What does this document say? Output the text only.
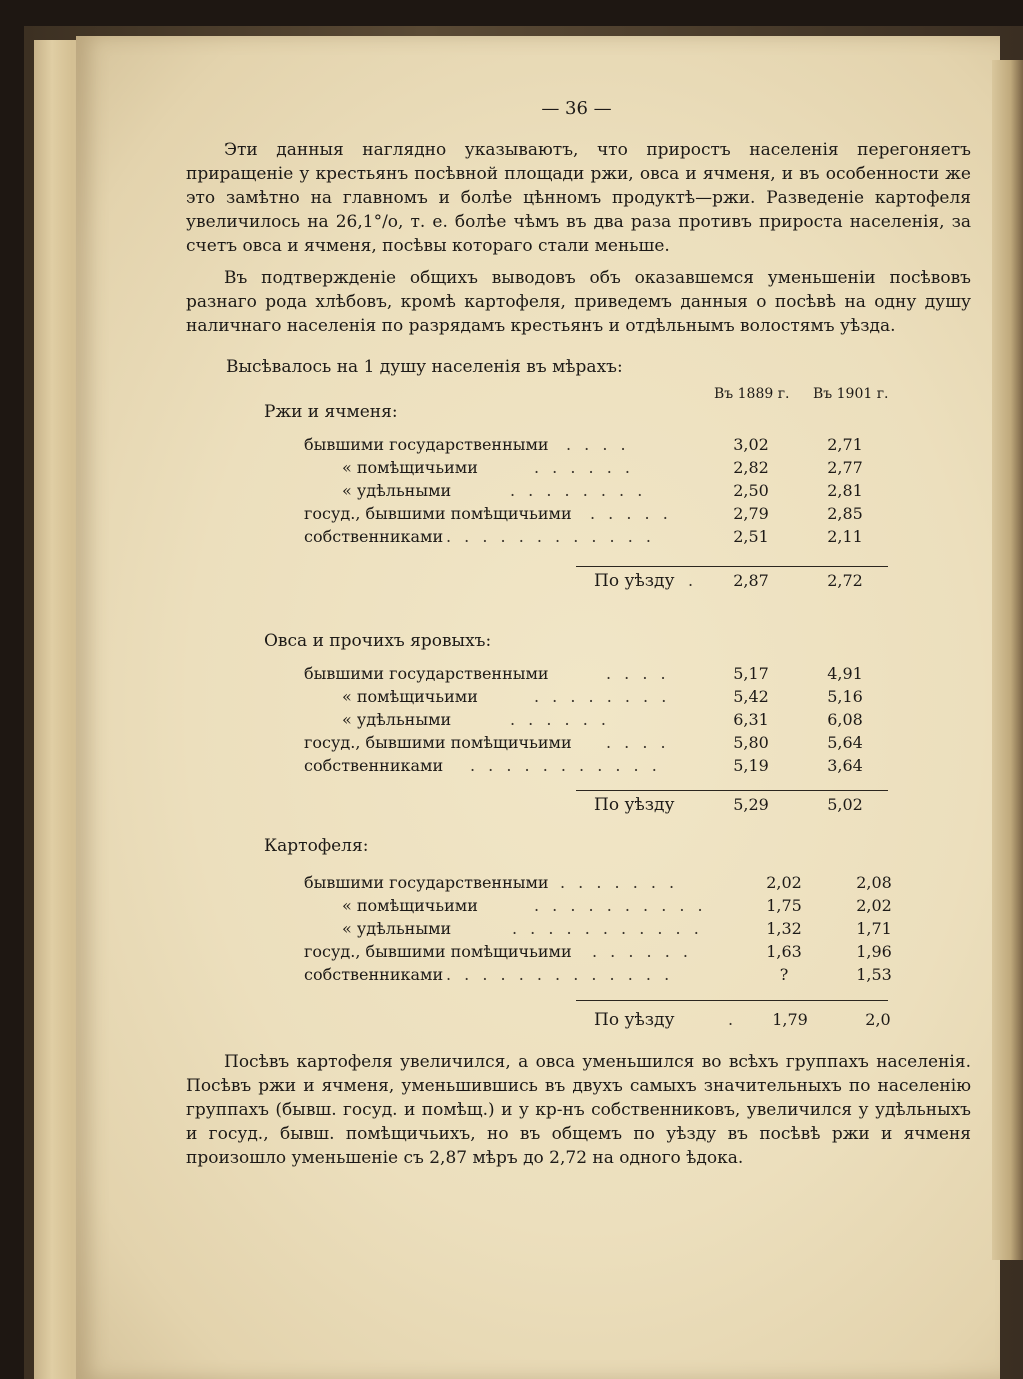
— 36 —

Эти данныя наглядно указываютъ, что приростъ населенія перегоняетъ приращеніе у крестьянъ посѣвной площади ржи, овса и ячменя, и въ особенности же это замѣтно на главномъ и болѣе цѣнномъ продуктѣ—ржи. Разведеніе картофеля увеличилось на 26,1°/о, т. е. болѣе чѣмъ въ два раза противъ прироста населенія, за счетъ овса и ячменя, посѣвы котораго стали меньше.

Въ подтвержденіе общихъ выводовъ объ оказавшемся уменьшеніи посѣвовъ разнаго рода хлѣбовъ, кромѣ картофеля, приведемъ данныя о посѣвѣ на одну душу наличнаго населенія по разрядамъ крестьянъ и отдѣльнымъ волостямъ уѣзда.

Высѣвалось на 1 душу населенія въ мѣрахъ:
Въ 1889 г. Въ 1901 г.
Ржи и ячменя:
бывшими государственными . . . .	3,02	2,71
« помѣщичьими	. . . . . .	2,82	2,77
« удѣльными	. . . . . . . .	2,50	2,81
госуд., бывшими помѣщичьими . . . . .	2,79	2,85
собственниками . . . . . . . . . . . .	2,51	2,11
По уѣзду .	2,87	2,72
Овса и прочихъ яровыхъ:
бывшими государственными	. . . .	5,17	4,91
« помѣщичьими	. . . . . . . .	5,42	5,16
« удѣльными	. . . . . .	6,31	6,08
госуд., бывшими помѣщичьими . . . .	5,80	5,64
собственниками . . . . . . . . . . .	5,19	3,64
По уѣзду	5,29	5,02
Картофеля:
бывшими государственными . . . . . . .	2,02	2,08
« помѣщичьими	. . . . . . . . . .	1,75	2,02
« удѣльными	. . . . . . . . . . .	1,32	1,71
госуд., бывшими помѣщичьими . . . . . .	1,63	1,96
собственниками . . . . . . . . . . . . .	?	1,53
По уѣзду	.	1,79	2,0

Посѣвъ картофеля увеличился, а овса уменьшился во всѣхъ группахъ населенія. Посѣвъ ржи и ячменя, уменьшившись въ двухъ самыхъ значительныхъ по населенію группахъ (бывш. госуд. и помѣщ.) и у кр-нъ собственниковъ, увеличился у удѣльныхъ и госуд., бывш. помѣщичьихъ, но въ общемъ по уѣзду въ посѣвѣ ржи и ячменя произошло уменьшеніе съ 2,87 мѣръ до 2,72 на одного ѣдока.
